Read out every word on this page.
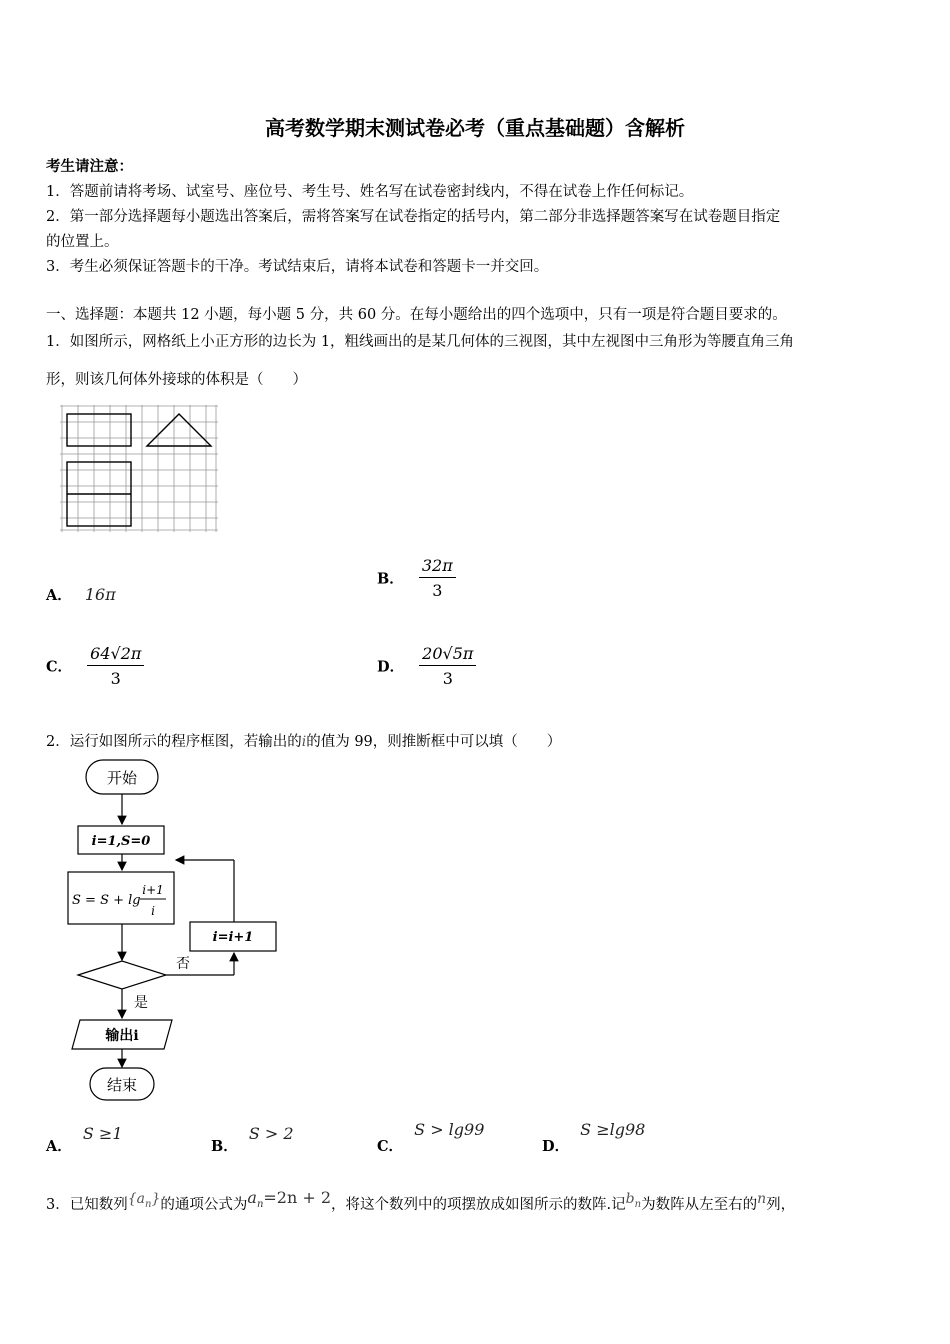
高考数学期末测试卷必考（重点基础题）含解析
考生请注意：
1．答题前请将考场、试室号、座位号、考生号、姓名写在试卷密封线内，不得在试卷上作任何标记。
2．第一部分选择题每小题选出答案后，需将答案写在试卷指定的括号内，第二部分非选择题答案写在试卷题目指定
的位置上。
3．考生必须保证答题卡的干净。考试结束后，请将本试卷和答题卡一并交回。
一、选择题：本题共 12 小题，每小题 5 分，共 60 分。在每小题给出的四个选项中，只有一项是符合题目要求的。
1．如图所示，网格纸上小正方形的边长为 1，粗线画出的是某几何体的三视图，其中左视图中三角形为等腰直角三角
形，则该几何体外接球的体积是（　　）
A． 16π
B． $\frac{32\pi}{3}$
C． $\frac{64√2\pi}{3}$	D． $\frac{20√5\pi}{3}$
2．运行如图所示的程序框图，若输出的i的值为 99，则推断框中可以填（　　）
开始
i=1,S=0
S = S + lg
i+1
i
i=i+1
否
是
输出i
结束
A． S ≥1
B． S > 2
C． S > lg99
D． S ≥lg98
3．已知数列$\{a_n\}$的通项公式为$a_n=2n + 2$，将这个数列中的项摆放成如图所示的数阵.记$b_n$为数阵从左至右的n列，
